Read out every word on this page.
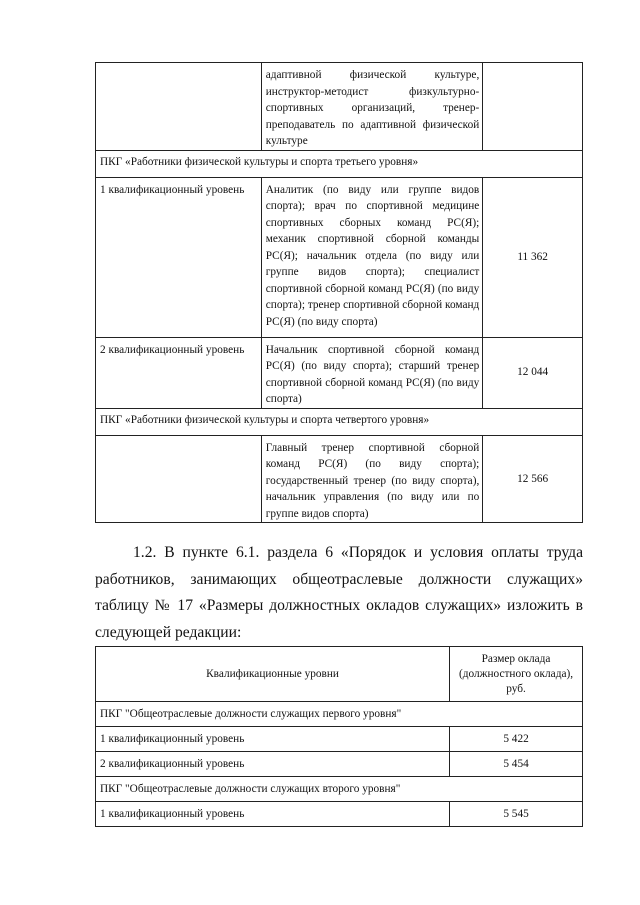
	адаптивной физической культуре, инструктор-методист физкультурно-спортивных организаций, тренер-преподаватель по адаптивной физической культуре	
ПКГ «Работники физической культуры и спорта третьего уровня»		
1 квалификационный уровень	Аналитик (по виду или группе видов спорта); врач по спортивной медицине спортивных сборных команд РС(Я); механик спортивной сборной команды РС(Я); начальник отдела (по виду или группе видов спорта); специалист спортивной сборной команд РС(Я) (по виду спорта); тренер спортивной сборной команд РС(Я) (по виду спорта)	11 362
2 квалификационный уровень	Начальник спортивной сборной команд РС(Я) (по виду спорта); старший тренер спортивной сборной команд РС(Я) (по виду спорта)	12 044
ПКГ «Работники физической культуры и спорта четвертого уровня»		
	Главный тренер спортивной сборной команд РС(Я) (по виду спорта); государственный тренер (по виду спорта), начальник управления (по виду или по группе видов спорта)	12 566

1.2. В пункте 6.1. раздела 6 «Порядок и условия оплаты труда работников, занимающих общеотраслевые должности служащих» таблицу № 17 «Размеры должностных окладов служащих» изложить в следующей редакции:

Квалификационные уровни	Размер оклада (должностного оклада), руб.
ПКГ "Общеотраслевые должности служащих первого уровня"	
1 квалификационный уровень	5 422
2 квалификационный уровень	5 454
ПКГ "Общеотраслевые должности служащих второго уровня"	
1 квалификационный уровень	5 545
